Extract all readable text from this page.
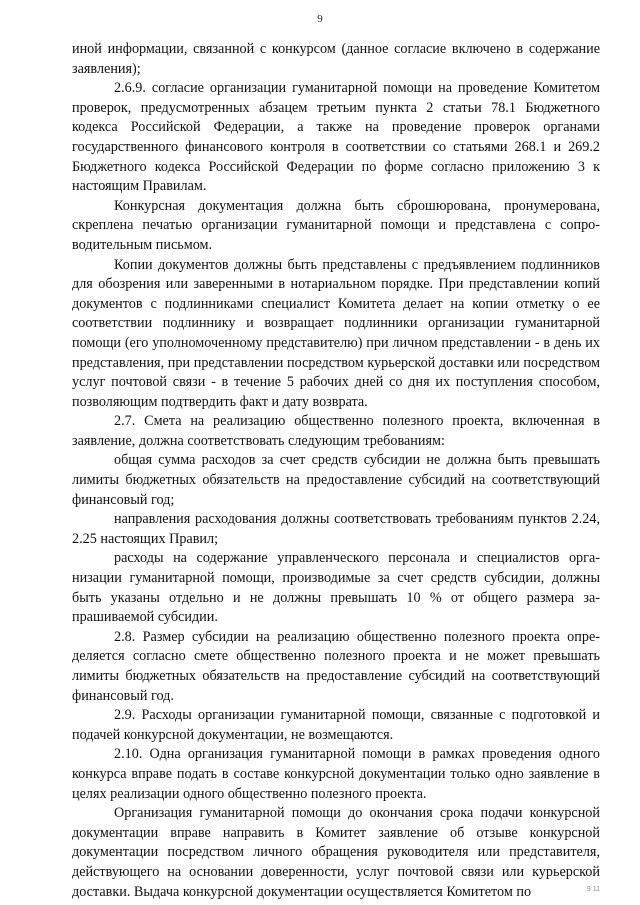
9

иной информации, связанной с конкурсом (данное согласие включено в содержание заявления);

2.6.9. согласие организации гуманитарной помощи на проведение Комитетом проверок, предусмотренных абзацем третьим пункта 2 статьи 78.1 Бюджетного кодекса Российской Федерации, а также на проведение проверок органами государственного финансового контроля в соответствии со статьями 268.1 и 269.2 Бюджетного кодекса Российской Федерации по форме согласно приложению 3 к настоящим Правилам.

Конкурсная документация должна быть сброшюрована, пронумерована, скреплена печатью организации гуманитарной помощи и представлена с сопроводительным письмом.

Копии документов должны быть представлены с предъявлением подлинников для обозрения или заверенными в нотариальном порядке. При представлении копий документов с подлинниками специалист Комитета делает на копии отметку о ее соответствии подлиннику и возвращает подлинники организации гуманитарной помощи (его уполномоченному представителю) при личном представлении - в день их представления, при представлении посредством курьерской доставки или посредством услуг почтовой связи - в течение 5 рабочих дней со дня их поступления способом, позволяющим подтвердить факт и дату возврата.

2.7. Смета на реализацию общественно полезного проекта, включенная в заявление, должна соответствовать следующим требованиям:

общая сумма расходов за счет средств субсидии не должна быть превышать лимиты бюджетных обязательств на предоставление субсидий на соответствующий финансовый год;

направления расходования должны соответствовать требованиям пунктов 2.24, 2.25 настоящих Правил;

расходы на содержание управленческого персонала и специалистов организации гуманитарной помощи, производимые за счет средств субсидии, должны быть указаны отдельно и не должны превышать 10 % от общего размера запрашиваемой субсидии.

2.8. Размер субсидии на реализацию общественно полезного проекта определяется согласно смете общественно полезного проекта и не может превышать лимиты бюджетных обязательств на предоставление субсидий на соответствующий финансовый год.

2.9. Расходы организации гуманитарной помощи, связанные с подготовкой и подачей конкурсной документации, не возмещаются.

2.10. Одна организация гуманитарной помощи в рамках проведения одного конкурса вправе подать в составе конкурсной документации только одно заявление в целях реализации одного общественно полезного проекта.

Организация гуманитарной помощи до окончания срока подачи конкурсной документации вправе направить в Комитет заявление об отзыве конкурсной документации посредством личного обращения руководителя или представителя, действующего на основании доверенности, услуг почтовой связи или курьерской доставки. Выдача конкурсной документации осуществляется Комитетом по	9 11
